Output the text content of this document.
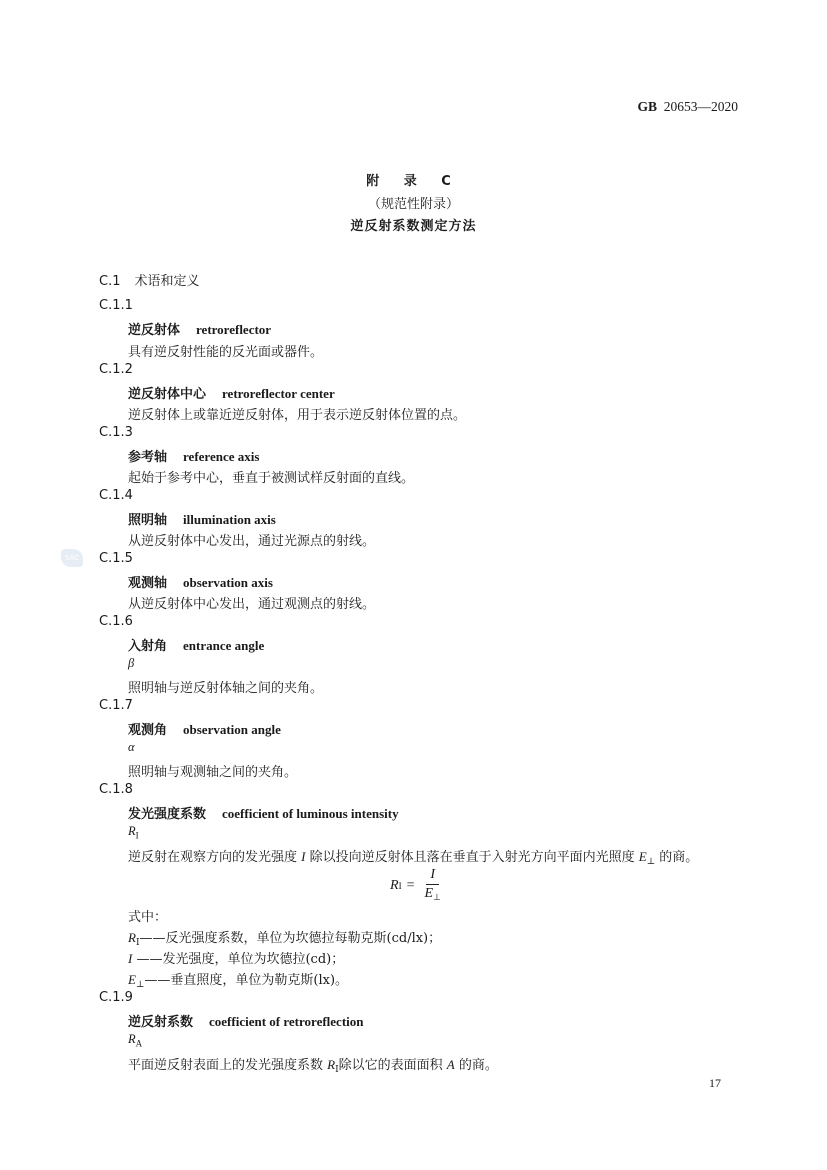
GB 20653—2020
附 录 C
（规范性附录）
逆反射系数测定方法
C.1 术语和定义
SAC
C.1.1
逆反射体 retroreflector
具有逆反射性能的反光面或器件。
C.1.2
逆反射体中心 retroreflector center
逆反射体上或靠近逆反射体，用于表示逆反射体位置的点。
C.1.3
参考轴 reference axis
起始于参考中心，垂直于被测试样反射面的直线。
C.1.4
照明轴 illumination axis
从逆反射体中心发出，通过光源点的射线。
C.1.5
观测轴 observation axis
从逆反射体中心发出，通过观测点的射线。
C.1.6
入射角 entrance angle
β
照明轴与逆反射体轴之间的夹角。
C.1.7
观测角 observation angle
α
照明轴与观测轴之间的夹角。
C.1.8
发光强度系数 coefficient of luminous intensity
$R_I$
逆反射在观察方向的发光强度 I 除以投向逆反射体且落在垂直于入射光方向平面内光照度 $E_\perp$ 的商。
R $I = \frac{I}{E_\perp}$
式中：
$R_I——$反光强度系数，单位为坎德拉每勒克斯(cd/lx)；
I ——发光强度，单位为坎德拉(cd)；
$E_\perp——$垂直照度，单位为勒克斯(lx)。
C.1.9
逆反射系数 coefficient of retroreflection
$R_A$
平面逆反射表面上的发光强度系数 $R_I$除以它的表面面积 A 的商。
17
